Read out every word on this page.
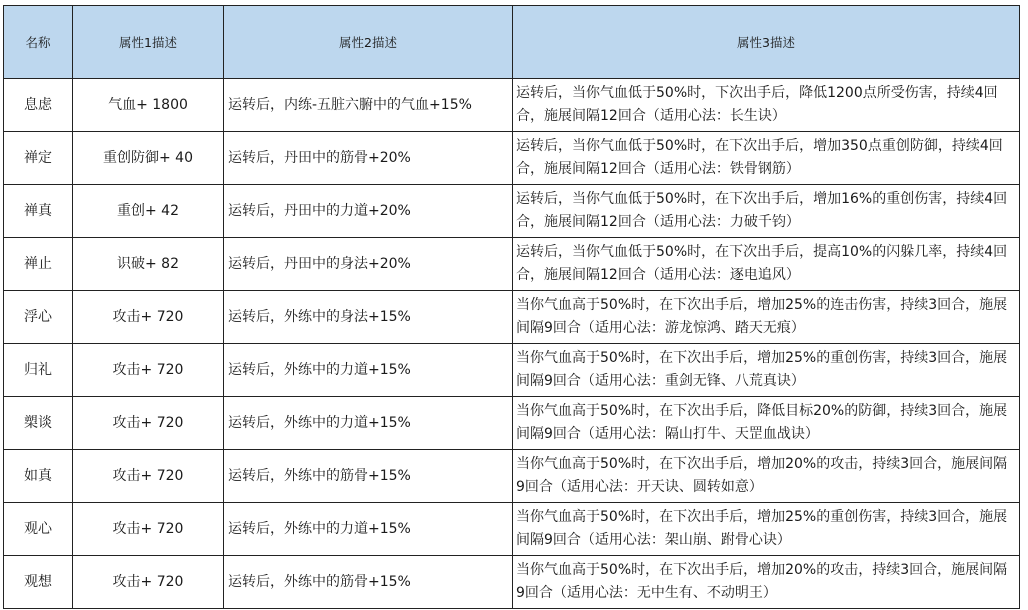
名称	属性1描述	属性2描述	属性3描述
息虑	气血+ 1800	运转后，内练-五脏六腑中的气血+15%	运转后，当你气血低于50%时，下次出手后，降低1200点所受伤害，持续4回合，施展间隔12回合（适用心法：长生诀）
禅定	重创防御+ 40	运转后，丹田中的筋骨+20%	运转后，当你气血低于50%时，在下次出手后，增加350点重创防御，持续4回合，施展间隔12回合（适用心法：铁骨钢筋）
禅真	重创+ 42	运转后，丹田中的力道+20%	运转后，当你气血低于50%时，在下次出手后，增加16%的重创伤害，持续4回合，施展间隔12回合（适用心法：力破千钧）
禅止	识破+ 82	运转后，丹田中的身法+20%	运转后，当你气血低于50%时，在下次出手后，提高10%的闪躲几率，持续4回合，施展间隔12回合（适用心法：逐电追风）
浮心	攻击+ 720	运转后，外练中的身法+15%	当你气血高于50%时，在下次出手后，增加25%的连击伤害，持续3回合，施展间隔9回合（适用心法：游龙惊鸿、踏天无痕）
归礼	攻击+ 720	运转后，外练中的力道+15%	当你气血高于50%时，在下次出手后，增加25%的重创伤害，持续3回合，施展间隔9回合（适用心法：重剑无锋、八荒真诀）
槊谈	攻击+ 720	运转后，外练中的力道+15%	当你气血高于50%时，在下次出手后，降低目标20%的防御，持续3回合，施展间隔9回合（适用心法：隔山打牛、天罡血战诀）
如真	攻击+ 720	运转后，外练中的筋骨+15%	当你气血高于50%时，在下次出手后，增加20%的攻击，持续3回合，施展间隔9回合（适用心法：开天诀、圆转如意）
观心	攻击+ 720	运转后，外练中的力道+15%	当你气血高于50%时，在下次出手后，增加25%的重创伤害，持续3回合，施展间隔9回合（适用心法：架山崩、跗骨心诀）
观想	攻击+ 720	运转后，外练中的筋骨+15%	当你气血高于50%时，在下次出手后，增加20%的攻击，持续3回合，施展间隔9回合（适用心法：无中生有、不动明王）
